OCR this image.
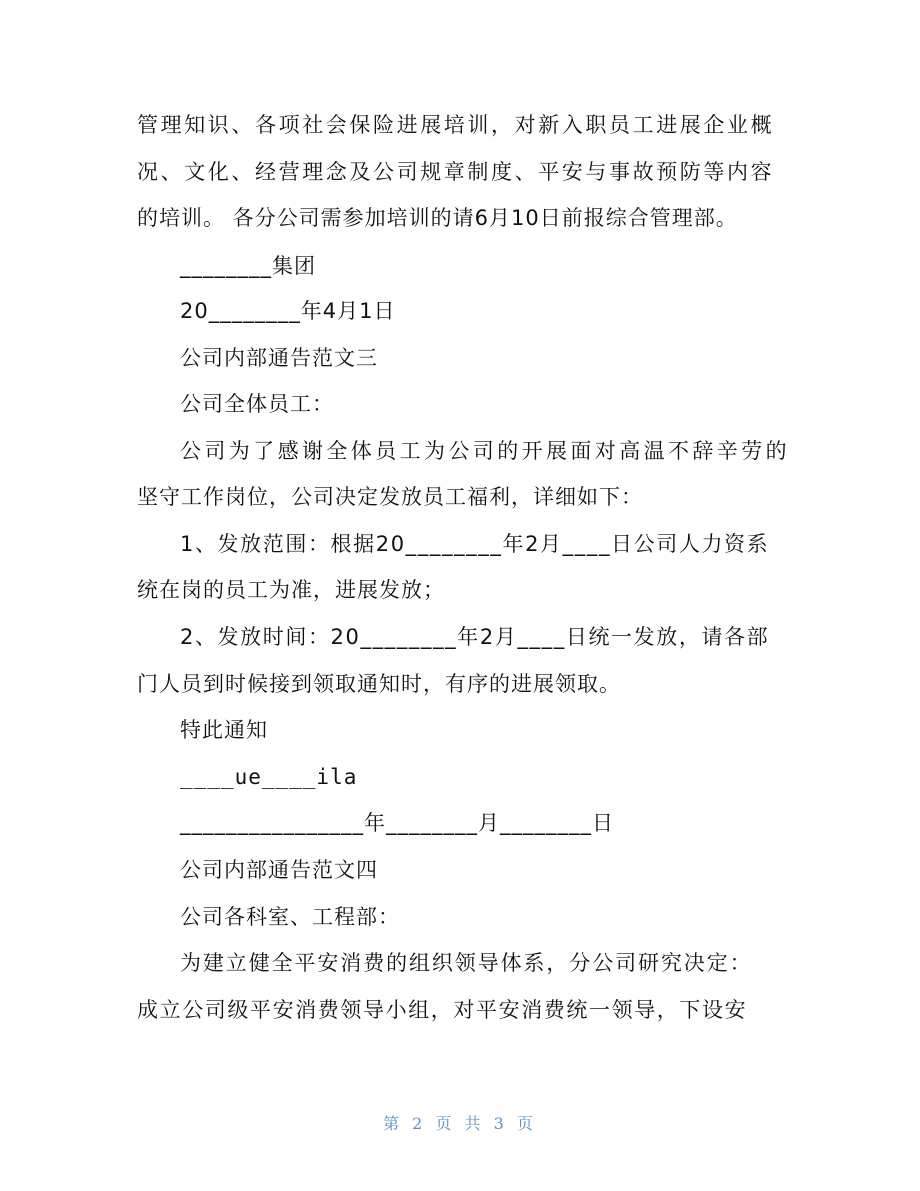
管理知识、各项社会保险进展培训，对新入职员工进展企业概
况、文化、经营理念及公司规章制度、平安与事故预防等内容
的培训。 各分公司需参加培训的请6月10日前报综合管理部。
________集团
20________年4月1日
公司内部通告范文三
公司全体员工：
公司为了感谢全体员工为公司的开展面对高温不辞辛劳的
坚守工作岗位，公司决定发放员工福利，详细如下：
1、发放范围：根据20________年2月____日公司人力资系
统在岗的员工为准，进展发放；
2、发放时间：20________年2月____日统一发放，请各部
门人员到时候接到领取通知时，有序的进展领取。
特此通知
____ue____ila
________________年________月________日
公司内部通告范文四
公司各科室、工程部：
为建立健全平安消费的组织领导体系，分公司研究决定：
成立公司级平安消费领导小组，对平安消费统一领导，下设安
第 2 页 共 3 页
